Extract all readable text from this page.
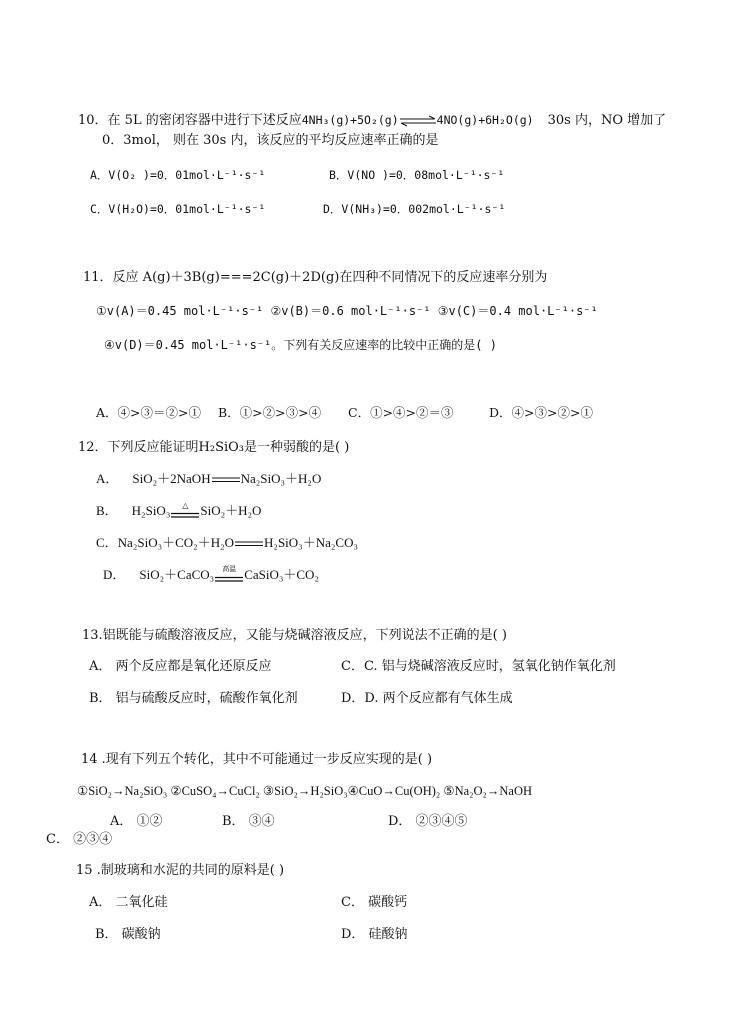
10．在 5L 的密闭容器中进行下述反应4NH₃(g)+5O₂(g)⇌4NO(g)+6H₂O(g) 30s 内，NO 增加了
0．3mol， 则在 30s 内，该反应的平均反应速率正确的是
A．V(O₂ )=0．01mol·L⁻¹·s⁻¹	B．V(NO )=0．08mol·L⁻¹·s⁻¹
C．V(H₂O)=0．01mol·L⁻¹·s⁻¹	D．V(NH₃)=0．002mol·L⁻¹·s⁻¹
11．反应 A(g)＋3B(g)===2C(g)＋2D(g)在四种不同情况下的反应速率分别为
①v(A)＝0.45 mol·L⁻¹·s⁻¹ ②v(B)＝0.6 mol·L⁻¹·s⁻¹ ③v(C)＝0.4 mol·L⁻¹·s⁻¹
④v(D)＝0.45 mol·L⁻¹·s⁻¹。下列有关反应速率的比较中正确的是( )
A．④>③＝②>① B．①>②>③>④ C．①>④>②＝③	D．④>③>②>①
12．下列反应能证明H₂SiO₃是一种弱酸的是( )
A． SiO₂＋2NaOH Na₂SiO₃＋H₂O
B． H₂SiO₃	△ SiO₂＋H₂O
C．Na₂SiO₃＋CO₂＋H₂O H₂SiO₃＋Na₂CO₃
D． SiO₂＋CaCO₃	高温 CaSiO₃＋CO₂
13.铝既能与硫酸溶液反应，又能与烧碱溶液反应，下列说法不正确的是( )
A． 两个反应都是氧化还原反应	C．C. 铝与烧碱溶液反应时，氢氧化钠作氧化剂
B． 铝与硫酸反应时，硫酸作氧化剂	D．D. 两个反应都有气体生成
14 .现有下列五个转化，其中不可能通过一步反应实现的是( )
①SiO₂→Na₂SiO₃ ②CuSO₄→CuCl₂ ③SiO₂→H₂SiO₃④CuO→Cu(OH)₂ ⑤Na₂O₂→NaOH
A． ①②	B． ③④	D． ②③④⑤
C． ②③④
15 .制玻璃和水泥的共同的原料是( )
A． 二氧化硅	C． 碳酸钙
B． 碳酸钠	D． 硅酸钠
